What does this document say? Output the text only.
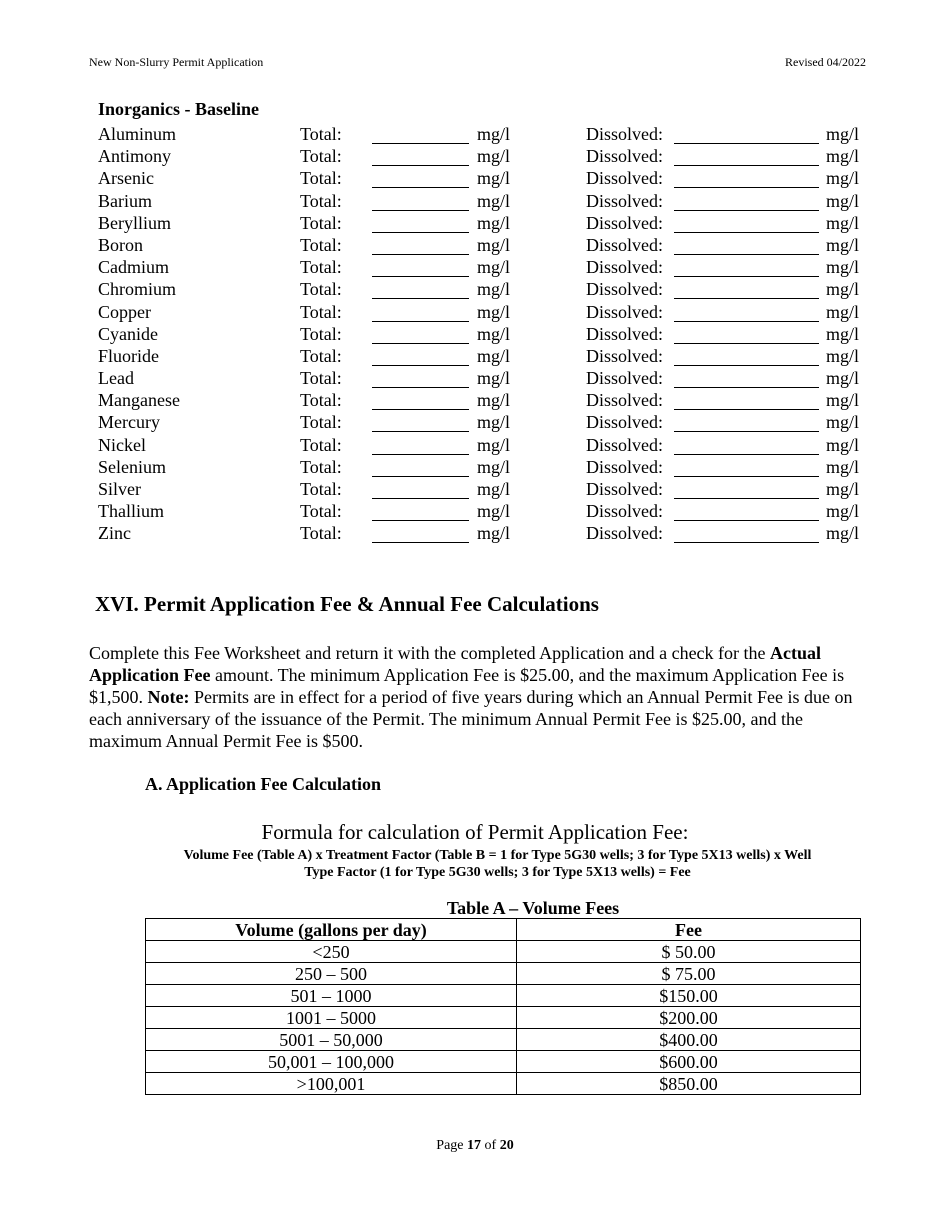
New Non-Slurry Permit Application	Revised 04/2022
Inorganics - Baseline
Aluminum	Total:	mg/l	Dissolved:	mg/l
Antimony	Total:	mg/l	Dissolved:	mg/l
Arsenic	Total:	mg/l	Dissolved:	mg/l
Barium	Total:	mg/l	Dissolved:	mg/l
Beryllium	Total:	mg/l	Dissolved:	mg/l
Boron	Total:	mg/l	Dissolved:	mg/l
Cadmium	Total:	mg/l	Dissolved:	mg/l
Chromium	Total:	mg/l	Dissolved:	mg/l
Copper	Total:	mg/l	Dissolved:	mg/l
Cyanide	Total:	mg/l	Dissolved:	mg/l
Fluoride	Total:	mg/l	Dissolved:	mg/l
Lead	Total:	mg/l	Dissolved:	mg/l
Manganese	Total:	mg/l	Dissolved:	mg/l
Mercury	Total:	mg/l	Dissolved:	mg/l
Nickel	Total:	mg/l	Dissolved:	mg/l
Selenium	Total:	mg/l	Dissolved:	mg/l
Silver	Total:	mg/l	Dissolved:	mg/l
Thallium	Total:	mg/l	Dissolved:	mg/l
Zinc	Total:	mg/l	Dissolved:	mg/l
XVI. Permit Application Fee & Annual Fee Calculations
Complete this Fee Worksheet and return it with the completed Application and a check for the Actual Application Fee amount. The minimum Application Fee is $25.00, and the maximum Application Fee is $1,500. Note: Permits are in effect for a period of five years during which an Annual Permit Fee is due on each anniversary of the issuance of the Permit. The minimum Annual Permit Fee is $25.00, and the maximum Annual Permit Fee is $500.
A. Application Fee Calculation
Formula for calculation of Permit Application Fee:
Volume Fee (Table A) x Treatment Factor (Table B = 1 for Type 5G30 wells; 3 for Type 5X13 wells) x Well Type Factor (1 for Type 5G30 wells; 3 for Type 5X13 wells) = Fee
Table A – Volume Fees
Volume (gallons per day)	Fee
<250	$ 50.00
250 – 500	$ 75.00
501 – 1000	$150.00
1001 – 5000	$200.00
5001 – 50,000	$400.00
50,001 – 100,000	$600.00
>100,001	$850.00
Page 17 of 20
